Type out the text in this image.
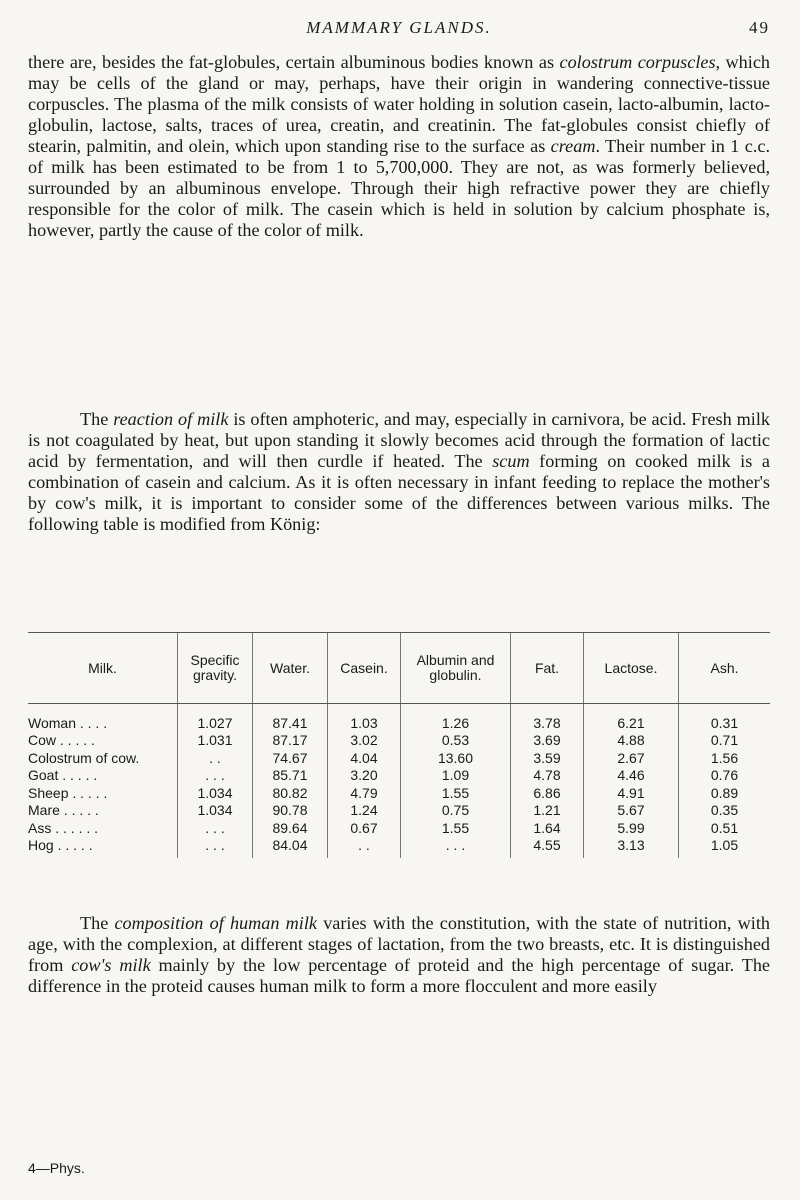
MAMMARY GLANDS.	49

there are, besides the fat-globules, certain albuminous bodies known as colostrum corpuscles, which may be cells of the gland or may, perhaps, have their origin in wandering connective-tissue corpuscles. The plasma of the milk consists of water holding in solution casein, lacto-albumin, lacto-globulin, lactose, salts, traces of urea, creatin, and creatinin. The fat-globules consist chiefly of stearin, palmitin, and olein, which upon standing rise to the surface as cream. Their number in 1 c.c. of milk has been estimated to be from 1 to 5,700,000. They are not, as was formerly believed, surrounded by an albuminous envelope. Through their high refractive power they are chiefly responsible for the color of milk. The casein which is held in solution by calcium phosphate is, however, partly the cause of the color of milk.

The reaction of milk is often amphoteric, and may, especially in carnivora, be acid. Fresh milk is not coagulated by heat, but upon standing it slowly becomes acid through the formation of lactic acid by fermentation, and will then curdle if heated. The scum forming on cooked milk is a combination of casein and calcium. As it is often necessary in infant feeding to replace the mother's by cow's milk, it is important to consider some of the differences between various milks. The following table is modified from König:

Milk.	Specific gravity.	Water.	Casein.	Albumin and globulin.	Fat.	Lactose.	Ash.
Woman . . . .	1.027	87.41	1.03	1.26	3.78	6.21	0.31
Cow . . . . .	1.031	87.17	3.02	0.53	3.69	4.88	0.71
Colostrum of cow.	. .	74.67	4.04	13.60	3.59	2.67	1.56
Goat . . . . .	. . .	85.71	3.20	1.09	4.78	4.46	0.76
Sheep . . . . .	1.034	80.82	4.79	1.55	6.86	4.91	0.89
Mare . . . . .	1.034	90.78	1.24	0.75	1.21	5.67	0.35
Ass . . . . . .	. . .	89.64	0.67	1.55	1.64	5.99	0.51
Hog . . . . .	. . .	84.04	. .	. . .	4.55	3.13	1.05

The composition of human milk varies with the constitution, with the state of nutrition, with age, with the complexion, at different stages of lactation, from the two breasts, etc. It is distinguished from cow's milk mainly by the low percentage of proteid and the high percentage of sugar. The difference in the proteid causes human milk to form a more flocculent and more easily

4—Phys.
